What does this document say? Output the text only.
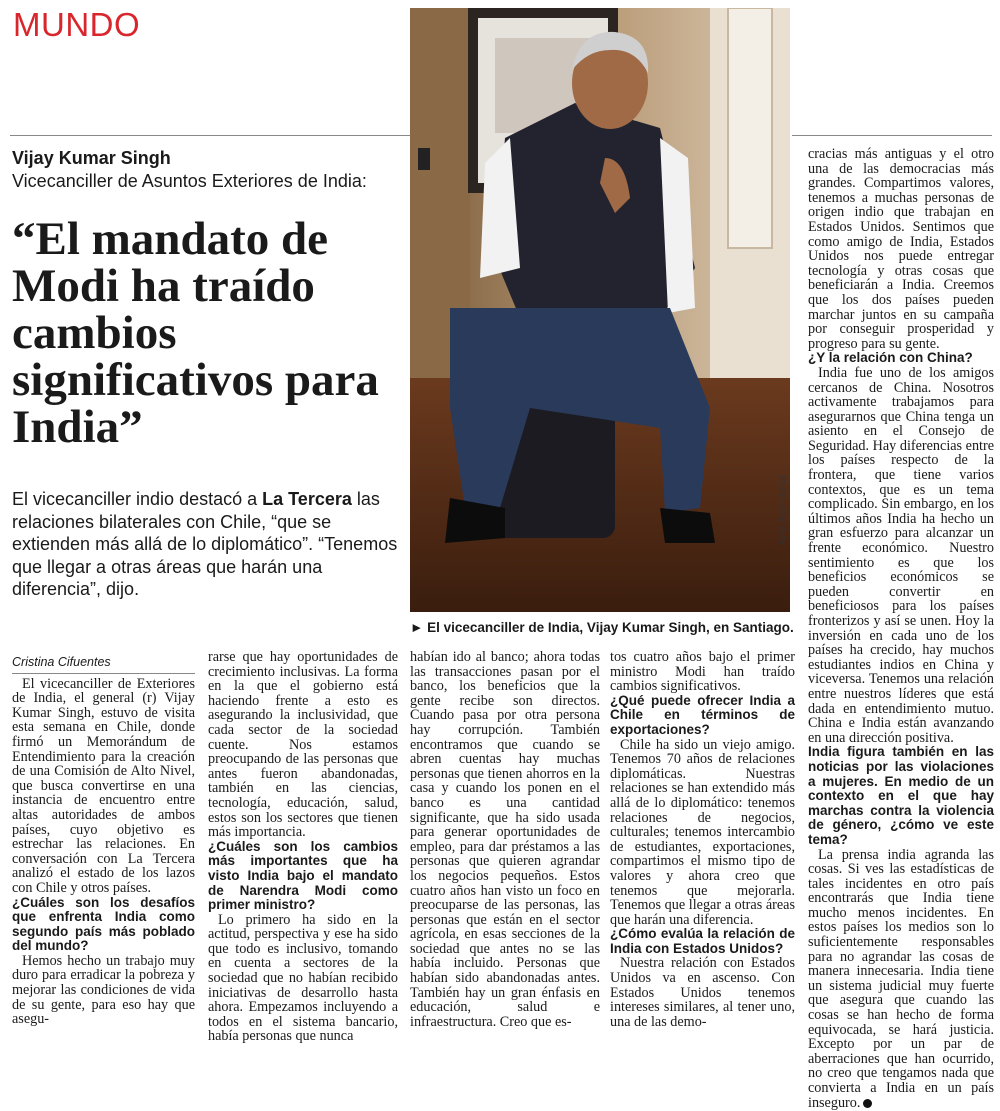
MUNDO
Vijay Kumar Singh
Vicecanciller de Asuntos Exteriores de India:
“El mandato de Modi ha traído cambios significativos para India”
El vicecanciller indio destacó a La Tercera las relaciones bilaterales con Chile, “que se extienden más allá de lo diplomático”. “Tenemos que llegar a otras áreas que harán una diferencia”, dijo.
FOTO: RUDY MUÑOZ
► El vicecanciller de India, Vijay Kumar Singh, en Santiago.
Cristina Cifuentes

El vicecanciller de Exteriores de India, el general (r) Vijay Kumar Singh, estuvo de visita esta semana en Chile, donde firmó un Memorándum de Entendimiento para la creación de una Comisión de Alto Nivel, que busca convertirse en una instancia de encuentro entre altas autoridades de ambos países, cuyo objetivo es estrechar las relaciones. En conversación con La Tercera analizó el estado de los lazos con Chile y otros países.

¿Cuáles son los desafíos que enfrenta India como segundo país más poblado del mundo?

Hemos hecho un trabajo muy duro para erradicar la pobreza y mejorar las condiciones de vida de su gente, para eso hay que asegu-

rarse que hay oportunidades de crecimiento inclusivas. La forma en la que el gobierno está haciendo frente a esto es asegurando la inclusividad, que cada sector de la sociedad cuente. Nos estamos preocupando de las personas que antes fueron abandonadas, también en las ciencias, tecnología, educación, salud, estos son los sectores que tienen más importancia.

¿Cuáles son los cambios más importantes que ha visto India bajo el mandato de Narendra Modi como primer ministro?

Lo primero ha sido en la actitud, perspectiva y ese ha sido que todo es inclusivo, tomando en cuenta a sectores de la sociedad que no habían recibido iniciativas de desarrollo hasta ahora. Empezamos incluyendo a todos en el sistema bancario, había personas que nunca

habían ido al banco; ahora todas las transacciones pasan por el banco, los beneficios que la gente recibe son directos. Cuando pasa por otra persona hay corrupción. También encontramos que cuando se abren cuentas hay muchas personas que tienen ahorros en la casa y cuando los ponen en el banco es una cantidad significante, que ha sido usada para generar oportunidades de empleo, para dar préstamos a las personas que quieren agrandar los negocios pequeños. Estos cuatro años han visto un foco en preocuparse de las personas, las personas que están en el sector agrícola, en esas secciones de la sociedad que antes no se las había incluido. Personas que habían sido abandonadas antes. También hay un gran énfasis en educación, salud e infraestructura. Creo que es-

tos cuatro años bajo el primer ministro Modi han traído cambios significativos.

¿Qué puede ofrecer India a Chile en términos de exportaciones?

Chile ha sido un viejo amigo. Tenemos 70 años de relaciones diplomáticas. Nuestras relaciones se han extendido más allá de lo diplomático: tenemos relaciones de negocios, culturales; tenemos intercambio de estudiantes, exportaciones, compartimos el mismo tipo de valores y ahora creo que tenemos que mejorarla. Tenemos que llegar a otras áreas que harán una diferencia.

¿Cómo evalúa la relación de India con Estados Unidos?

Nuestra relación con Estados Unidos va en ascenso. Con Estados Unidos tenemos intereses similares, al tener uno, una de las demo-

cracias más antiguas y el otro una de las democracias más grandes. Compartimos valores, tenemos a muchas personas de origen indio que trabajan en Estados Unidos. Sentimos que como amigo de India, Estados Unidos nos puede entregar tecnología y otras cosas que beneficiarán a India. Creemos que los dos países pueden marchar juntos en su campaña por conseguir prosperidad y progreso para su gente.

¿Y la relación con China?

India fue uno de los amigos cercanos de China. Nosotros activamente trabajamos para asegurarnos que China tenga un asiento en el Consejo de Seguridad. Hay diferencias entre los países respecto de la frontera, que tiene varios contextos, que es un tema complicado. Sin embargo, en los últimos años India ha hecho un gran esfuerzo para alcanzar un frente económico. Nuestro sentimiento es que los beneficios económicos se pueden convertir en beneficiosos para los países fronterizos y así se unen. Hoy la inversión en cada uno de los países ha crecido, hay muchos estudiantes indios en China y viceversa. Tenemos una relación entre nuestros líderes que está dada en entendimiento mutuo. China e India están avanzando en una dirección positiva.

India figura también en las noticias por las violaciones a mujeres. En medio de un contexto en el que hay marchas contra la violencia de género, ¿cómo ve este tema?

La prensa india agranda las cosas. Si ves las estadísticas de tales incidentes en otro país encontrarás que India tiene mucho menos incidentes. En estos países los medios son lo suficientemente responsables para no agrandar las cosas de manera innecesaria. India tiene un sistema judicial muy fuerte que asegura que cuando las cosas se han hecho de forma equivocada, se hará justicia. Excepto por un par de aberraciones que han ocurrido, no creo que tengamos nada que convierta a India en un país inseguro.
